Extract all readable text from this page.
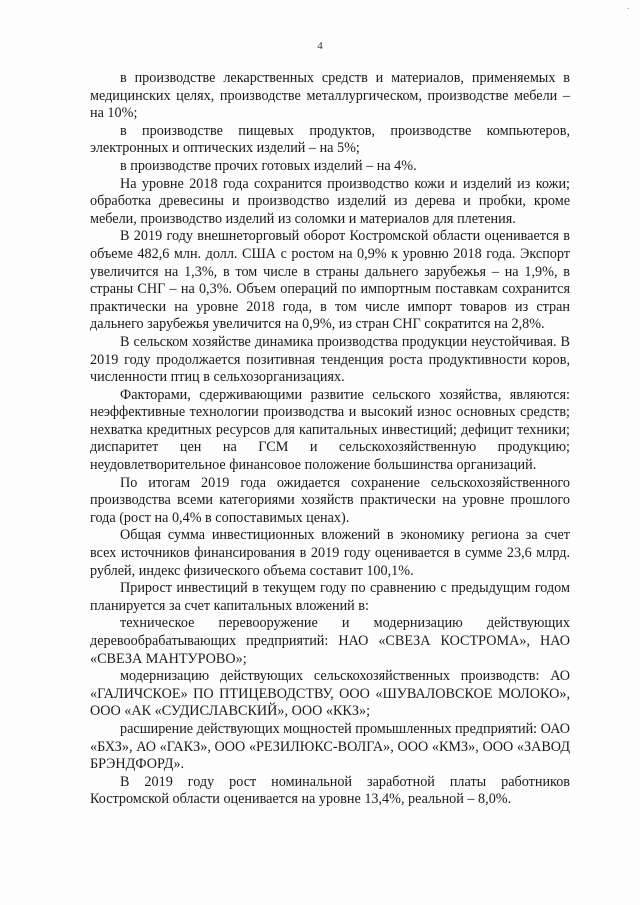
·
4

в производстве лекарственных средств и материалов, применяемых в медицинских целях, производстве металлургическом, производстве мебели – на 10%;

в производстве пищевых продуктов, производстве компьютеров, электронных и оптических изделий – на 5%;

в производстве прочих готовых изделий – на 4%.

На уровне 2018 года сохранится производство кожи и изделий из кожи; обработка древесины и производство изделий из дерева и пробки, кроме мебели, производство изделий из соломки и материалов для плетения.

В 2019 году внешнеторговый оборот Костромской области оценивается в объеме 482,6 млн. долл. США с ростом на 0,9% к уровню 2018 года. Экспорт увеличится на 1,3%, в том числе в страны дальнего зарубежья – на 1,9%, в страны СНГ – на 0,3%. Объем операций по импортным поставкам сохранится практически на уровне 2018 года, в том числе импорт товаров из стран дальнего зарубежья увеличится на 0,9%, из стран СНГ сократится на 2,8%.

В сельском хозяйстве динамика производства продукции неустойчивая. В 2019 году продолжается позитивная тенденция роста продуктивности коров, численности птиц в сельхозорганизациях.

Факторами, сдерживающими развитие сельского хозяйства, являются: неэффективные технологии производства и высокий износ основных средств; нехватка кредитных ресурсов для капитальных инвестиций; дефицит техники; диспаритет цен на ГСМ и сельскохозяйственную продукцию; неудовлетворительное финансовое положение большинства организаций.

По итогам 2019 года ожидается сохранение сельскохозяйственного производства всеми категориями хозяйств практически на уровне прошлого года (рост на 0,4% в сопоставимых ценах).

Общая сумма инвестиционных вложений в экономику региона за счет всех источников финансирования в 2019 году оценивается в сумме 23,6 млрд. рублей, индекс физического объема составит 100,1%.

Прирост инвестиций в текущем году по сравнению с предыдущим годом планируется за счет капитальных вложений в:

техническое перевооружение и модернизацию действующих деревообрабатывающих предприятий: НАО «СВЕЗА КОСТРОМА», НАО «СВЕЗА МАНТУРОВО»;

модернизацию действующих сельскохозяйственных производств: АО «ГАЛИЧСКОЕ» ПО ПТИЦЕВОДСТВУ, ООО «ШУВАЛОВСКОЕ МОЛОКО», ООО «АК «СУДИСЛАВСКИЙ», ООО «ККЗ»;

расширение действующих мощностей промышленных предприятий: ОАО «БХЗ», АО «ГАКЗ», ООО «РЕЗИЛЮКС-ВОЛГА», ООО «КМЗ», ООО «ЗАВОД БРЭНДФОРД».

В 2019 году рост номинальной заработной платы работников Костромской области оценивается на уровне 13,4%, реальной – 8,0%.
